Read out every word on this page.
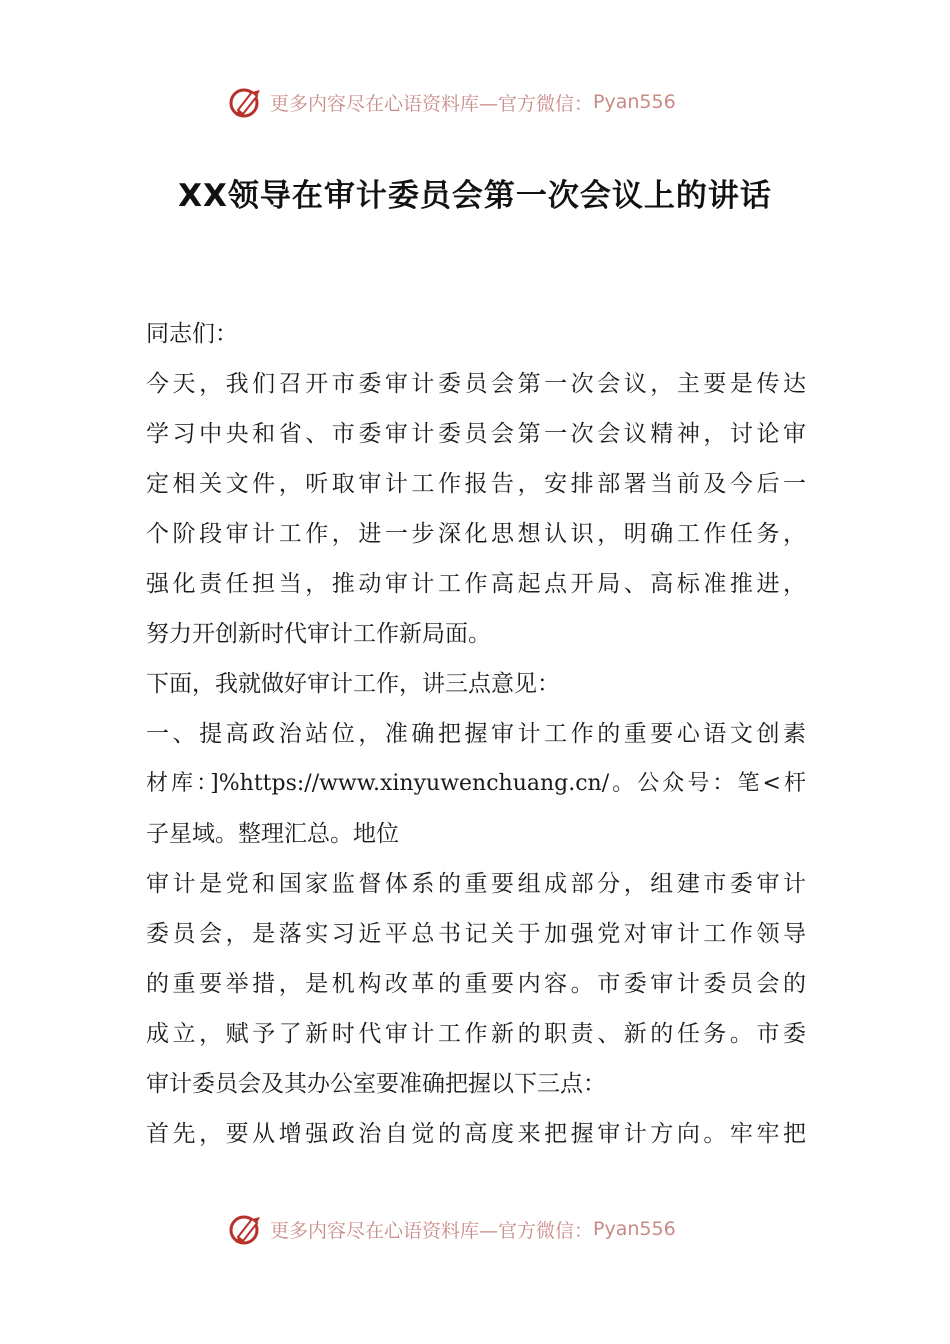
更多内容尽在心语资料库—官方微信： Pyan556
XX领导在审计委员会第一次会议上的讲话
同志们：
今天，我们召开市委审计委员会第一次会议，主要是传达
学习中央和省、市委审计委员会第一次会议精神，讨论审
定相关文件，听取审计工作报告，安排部署当前及今后一
个阶段审计工作，进一步深化思想认识，明确工作任务，
强化责任担当，推动审计工作高起点开局、高标准推进，
努力开创新时代审计工作新局面。
下面，我就做好审计工作，讲三点意见：
一、提高政治站位，准确把握审计工作的重要心语文创素
材库：]%https://www.xinyuwenchuang.cn/。公众号：笔<杆
子星域。整理汇总。地位
审计是党和国家监督体系的重要组成部分，组建市委审计
委员会，是落实习近平总书记关于加强党对审计工作领导
的重要举措，是机构改革的重要内容。市委审计委员会的
成立，赋予了新时代审计工作新的职责、新的任务。市委
审计委员会及其办公室要准确把握以下三点：
首先，要从增强政治自觉的高度来把握审计方向。牢牢把
更多内容尽在心语资料库—官方微信： Pyan556
